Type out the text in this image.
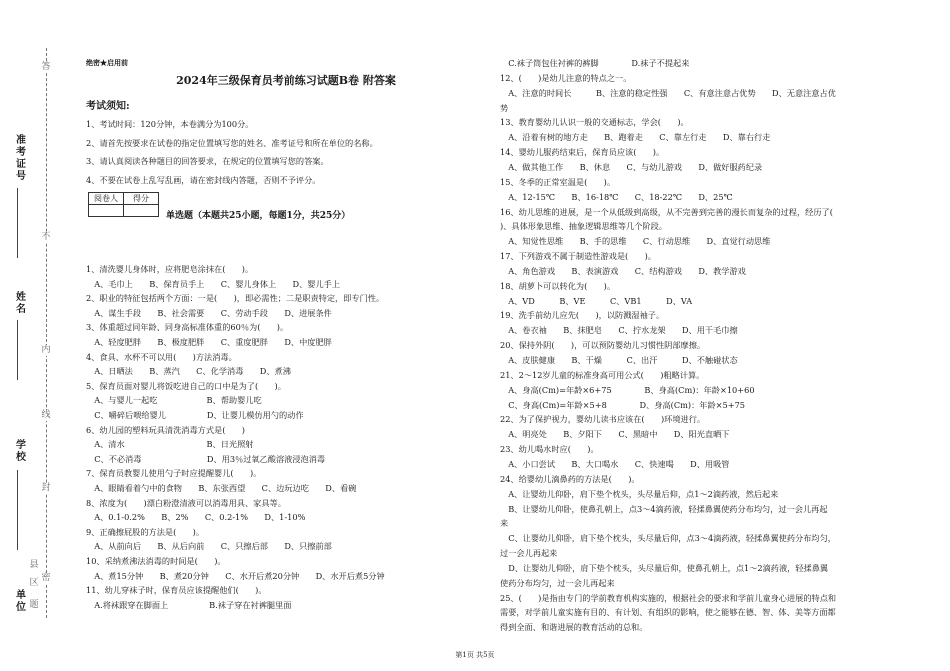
准考证号
姓名
学校
单位
答
不
内
线
封
密
题
区
县
绝密★启用前
2024年三级保育员考前练习试题B卷 附答案
考试须知:
1、考试时间：120分钟，本卷满分为100分。
2、请首先按要求在试卷的指定位置填写您的姓名、准考证号和所在单位的名称。
3、请认真阅读各种题目的回答要求，在规定的位置填写您的答案。
4、不要在试卷上乱写乱画，请在密封线内答题，否则不予评分。
阅卷人	得分

单选题（本题共25小题，每题1分，共25分）
1、清洗婴儿身体时，应将肥皂涂抹在(　　)。
　A、毛巾上　　B、保育员手上　　C、婴儿身体上　　D、婴儿手上
2、职业的特征包括两个方面：一是(　　)，即必需性；二是职责特定，即专门性。
　A、谋生手段　　B、社会需要　　C、劳动手段　　D、进展条件
3、体重超过同年龄、同身高标准体重的60％为(　　)。
　A、轻度肥胖　　B、极度肥胖　　C、重度肥胖　　D、中度肥胖
4、食具、水杯不可以用(　　)方法消毒。
　A、日晒法　　B、蒸汽　　C、化学消毒　　D、煮沸
5、保育员面对婴儿将饭吃进自己的口中是为了(　　)。
　A、与婴儿一起吃　　　　　　B、帮助婴儿吃
　C、嚼碎后喂给婴儿　　　　　D、让婴儿模仿用勺的动作
6、幼儿园的塑料玩具清洗消毒方式是(　　)
　A、清水　　　　　　　　　　B、日光照射
　C、不必消毒　　　　　　　　D、用3％过氧乙酸溶液浸泡消毒
7、保育员教婴儿使用勺子时应提醒婴儿(　　)。
　A、眼睛看着勺中的食物　　B、东张西望　　C、边玩边吃　　D、看碗
8、浓度为(　　)漂白粉澄清液可以消毒用具、家具等。
　A、0.1-0.2%　　B、2%　　C、0.2-1%　　D、1-10%
9、正确擦屁股的方法是(　　)。
　A、从前向后　　B、从后向前　　C、只擦后部　　D、只擦前部
10、采纳煮沸法消毒的时间是(　　)。
　A、煮15分钟　　B、煮20分钟　　C、水开后煮20分钟　　D、水开后煮5分钟
11、幼儿穿袜子时，保育员应该提醒他们(　　)。
　A.将袜跟穿在脚面上　　　　　B.袜子穿在衬裤腿里面
　C.袜子筒包住衬裤的裤脚　　　　D.袜子不提起来
12、(　　)是幼儿注意的特点之一。
　A、注意的时间长　　　B、注意的稳定性强　　C、有意注意占优势　　D、无意注意占优
势
13、教育婴幼儿认识一般的交通标志，学会(　　)。
　A、沿着有树的地方走　　B、跑着走　　C、靠左行走　　D、靠右行走
14、婴幼儿服药结束后，保育员应该(　　)。
　A、做其他工作　　B、休息　　C、与幼儿游戏　　D、做好服药纪录
15、冬季的正常室温是(　　)。
　A、12-15℃　　B、16-18℃　　C、18-22℃　　D、25℃
16、幼儿思维的进展，是一个从低级到高级，从不完善到完善的漫长而复杂的过程，经历了(　　
)、具体形象思维、抽象逻辑思维等几个阶段。
　A、知觉性思维　　B、手的思维　　C、行动思维　　D、直觉行动思维
17、下列游戏不属于制造性游戏是(　　)。
　A、角色游戏　　B、表演游戏　　C、结构游戏　　D、教学游戏
18、胡萝卜可以转化为(　　)。
　A、VD　　　B、VE　　　C、VB1　　　D、VA
19、洗手前幼儿应先(　　)，以防溅湿袖子。
　A、卷衣袖　　B、抹肥皂　　C、拧水龙架　　D、用干毛巾擦
20、保持外阴(　　)，可以预防婴幼儿习惯性阴部摩擦。
　A、皮肤健康　　B、干燥　　　C、出汗　　　D、不触碰状态
21、2～12岁儿童的标准身高可用公式(　　)粗略计算。
　A、身高(Cm)=年龄×6+75　　　　B、身高(Cm)：年龄×10+60
　C、身高(Cm)=年龄×5+8　　　　D、身高(Cm)：年龄×5+75
22、为了保护视力，婴幼儿读书应该在(　　)环境进行。
　A、明亮处　　B、夕阳下　　C、黑暗中　　D、阳光直晒下
23、幼儿喝水时应(　　)。
　A、小口尝试　　B、大口喝水　　C、快速喝　　D、用吸管
24、给婴幼儿滴鼻药的方法是(　　)。
　A、让婴幼儿仰卧，肩下垫个枕头，头尽量后仰，点1～2滴药液，然后起来
　B、让婴幼儿仰卧，使鼻孔朝上，点3～4滴药液，轻揉鼻翼使药分布均匀，过一会儿再起
来
　C、让婴幼儿仰卧，肩下垫个枕头，头尽量后仰，点3～4滴药液，轻揉鼻翼使药分布均匀，
过一会儿再起来
　D、让婴幼儿仰卧，肩下垫个枕头，头尽量后仰，使鼻孔朝上，点1～2滴药液，轻揉鼻翼
使药分布均匀，过一会儿再起来
25、(　　)是指由专门的学前教育机构实施的，根据社会的要求和学前儿童身心进展的特点和
需要，对学前儿童实施有目的、有计划、有组织的影响，使之能够在德、智、体、美等方面都
得到全面、和谐进展的教育活动的总和。
第1页 共5页
